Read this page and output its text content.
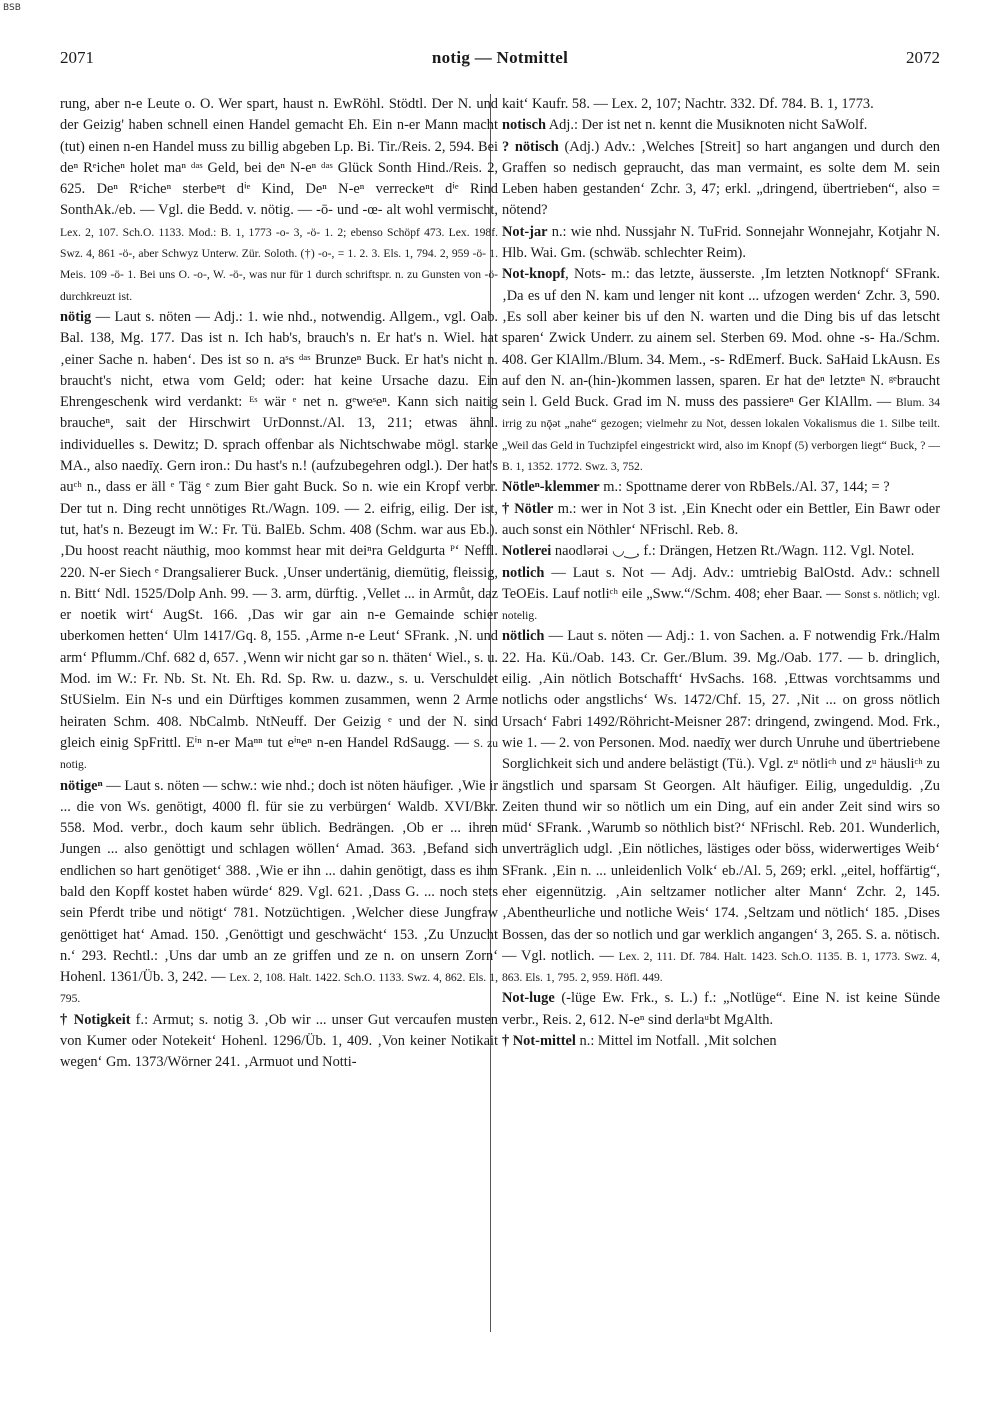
BSB
2071	notig — Notmittel	2072

rung, aber n-e Leute o. O. Wer spart, haust n. EwRöhl. Stödtl. Der N. und der Geizig' haben schnell einen Handel gemacht Eh. Ein n-er Mann macht (tut) einen n-en Handel muss zu billig abgeben Lp. Bi. Tir./Reis. 2, 594. Bei deⁿ Rᵉicheⁿ holet maⁿ ᵈᵃˢ Geld, bei deⁿ N-eⁿ ᵈᵃˢ Glück Sonth Hind./Reis. 2, 625. Deⁿ Rᵉicheⁿ sterbeⁿt dⁱᵉ Kind, Deⁿ N-eⁿ verreckeⁿt dⁱᵉ Rind SonthAk./eb. — Vgl. die Bedd. v. nötig. — -ō- und -œ- alt wohl vermischt, Lex. 2, 107. Sch.O. 1133. Mod.: B. 1, 1773 -o- 3, -ö- 1. 2; ebenso Schöpf 473. Lex. 198f. Swz. 4, 861 -ö-, aber Schwyz Unterw. Zür. Soloth. (†) -o-, = 1. 2. 3. Els. 1, 794. 2, 959 -ö- 1. Meis. 109 -ö- 1. Bei uns O. -o-, W. -ö-, was nur für 1 durch schriftspr. n. zu Gunsten von -ö- durchkreuzt ist.

nötig — Laut s. nöten — Adj.: 1. wie nhd., notwendig. Allgem., vgl. Oab. Bal. 138, Mg. 177. Das ist n. Ich hab's, brauch's n. Er hat's n. Wiel. hat ‚einer Sache n. haben‘. Des ist so n. aˢs ᵈᵃˢ Brunzeⁿ Buck. Er hat's nicht n. braucht's nicht, etwa vom Geld; oder: hat keine Ursache dazu. Ein Ehrengeschenk wird verdankt: ᴱˢ wär ᵉ net n. gᵉweˢeⁿ. Kann sich naitig braucheⁿ, sait der Hirschwirt UrDonnst./Al. 13, 211; etwas ähnl. individuelles s. Dewitz; D. sprach offenbar als Nichtschwabe mögl. starke MA., also naedīχ. Gern iron.: Du hast's n.! (aufzubegehren odgl.). Der hat's auᶜʰ n., dass er äll ᵉ Täg ᵉ zum Bier gaht Buck. So n. wie ein Kropf verbr. Der tut n. Ding recht unnötiges Rt./Wagn. 109. — 2. eifrig, eilig. Der ist, tut, hat's n. Bezeugt im W.: Fr. Tü. BalEb. Schm. 408 (Schm. war aus Eb.). ‚Du hoost reacht näuthig, moo kommst hear mit deiⁿra Geldgurta ᴾ‘ Neffl. 220. N-er Siech ᵉ Drangsalierer Buck. ‚Unser undertänig, diemütig, fleissig, n. Bitt‘ Ndl. 1525/Dolp Anh. 99. — 3. arm, dürftig. ‚Vellet ... in Armůt, daz er noetik wirt‘ AugSt. 166. ‚Das wir gar ain n-e Gemainde schier uberkomen hetten‘ Ulm 1417/Gq. 8, 155. ‚Arme n-e Leut‘ SFrank. ‚N. und arm‘ Pflumm./Chf. 682 d, 657. ‚Wenn wir nicht gar so n. thäten‘ Wiel., s. u. Mod. im W.: Fr. Nb. St. Nt. Eh. Rd. Sp. Rw. u. dazw., s. u. Verschuldet StUSielm. Ein N-s und ein Dürftiges kommen zusammen, wenn 2 Arme heiraten Schm. 408. NbCalmb. NtNeuff. Der Geizig ᵉ und der N. sind gleich einig SpFrittl. Eⁱⁿ n-er Maⁿⁿ tut eⁱⁿeⁿ n-en Handel RdSaugg. — S. zu notig.

nötigeⁿ — Laut s. nöten — schw.: wie nhd.; doch ist nöten häufiger. ‚Wie ir ... die von Ws. genötigt, 4000 fl. für sie zu verbürgen‘ Waldb. XVI/Bkr. 558. Mod. verbr., doch kaum sehr üblich. Bedrängen. ‚Ob er ... ihren Jungen ... also genöttigt und schlagen wöllen‘ Amad. 363. ‚Befand sich endlichen so hart genötiget‘ 388. ‚Wie er ihn ... dahin genötigt, dass es ihm bald den Kopff kostet haben würde‘ 829. Vgl. 621. ‚Dass G. ... noch stets sein Pferdt tribe und nötigt‘ 781. Notzüchtigen. ‚Welcher diese Jungfraw genöttiget hat‘ Amad. 150. ‚Genöttigt und geschwächt‘ 153. ‚Zu Unzucht n.‘ 293. Rechtl.: ‚Uns dar umb an ze griffen und ze n. on unsern Zorn‘ Hohenl. 1361/Üb. 3, 242. — Lex. 2, 108. Halt. 1422. Sch.O. 1133. Swz. 4, 862. Els. 1, 795.

† Notigkeit f.: Armut; s. notig 3. ‚Ob wir ... unser Gut vercaufen musten von Kumer oder Notekeit‘ Hohenl. 1296/Üb. 1, 409. ‚Von keiner Notikait wegen‘ Gm. 1373/Wörner 241. ‚Armuot und Notti-

kait‘ Kaufr. 58. — Lex. 2, 107; Nachtr. 332. Df. 784. B. 1, 1773.

notisch Adj.: Der ist net n. kennt die Musiknoten nicht SaWolf.

? nötisch (Adj.) Adv.: ‚Welches [Streit] so hart angangen und durch den Graffen so nedisch gepraucht, das man vermaint, es solte dem M. sein Leben haben gestanden‘ Zchr. 3, 47; erkl. „dringend, übertrieben“, also = nötend?

Not-jar n.: wie nhd. Nussjahr N. TuFrid. Sonnejahr Wonnejahr, Kotjahr N. Hlb. Wai. Gm. (schwäb. schlechter Reim).

Not-knopf, Nots- m.: das letzte, äusserste. ‚Im letzten Notknopf‘ SFrank. ‚Da es uf den N. kam und lenger nit kont ... ufzogen werden‘ Zchr. 3, 590. ‚Es soll aber keiner bis uf den N. warten und die Ding bis uf das letscht sparen‘ Zwick Underr. zu ainem sel. Sterben 69. Mod. ohne -s- Ha./Schm. 408. Ger KlAllm./Blum. 34. Mem., -s- RdEmerf. Buck. SaHaid LkAusn. Es auf den N. an-(hin-)kommen lassen, sparen. Er hat deⁿ letzteⁿ N. ᵍᵉbraucht sein l. Geld Buck. Grad im N. muss des passiereⁿ Ger KlAllm. — Blum. 34 irrig zu nǭət „nahe“ gezogen; vielmehr zu Not, dessen lokalen Vokalismus die 1. Silbe teilt. „Weil das Geld in Tuchzipfel eingestrickt wird, also im Knopf (5) verborgen liegt“ Buck, ? — B. 1, 1352. 1772. Swz. 3, 752.

Nötleⁿ-klemmer m.: Spottname derer von RbBels./Al. 37, 144; = ?

† Nötler m.: wer in Not 3 ist. ‚Ein Knecht oder ein Bettler, Ein Bawr oder auch sonst ein Nöthler‘ NFrischl. Reb. 8.

Notlerei naodlərəi ◡‿, f.: Drängen, Hetzen Rt./Wagn. 112. Vgl. Notel.

notlich — Laut s. Not — Adj. Adv.: umtriebig BalOstd. Adv.: schnell TeOEis. Lauf notliᶜʰ eile „Sww.“/Schm. 408; eher Baar. — Sonst s. nötlich; vgl. notelig.

nötlich — Laut s. nöten — Adj.: 1. von Sachen. a. F notwendig Frk./Halm 22. Ha. Kü./Oab. 143. Cr. Ger./Blum. 39. Mg./Oab. 177. — b. dringlich, eilig. ‚Ain nötlich Botschafft‘ HvSachs. 168. ‚Ettwas vorchtsamms und notlichs oder angstlichs‘ Ws. 1472/Chf. 15, 27. ‚Nit ... on gross nötlich Ursach‘ Fabri 1492/Röhricht-Meisner 287: dringend, zwingend. Mod. Frk., wie 1. — 2. von Personen. Mod. naedīχ wer durch Unruhe und übertriebene Sorglichkeit sich und andere belästigt (Tü.). Vgl. zᵘ nötliᶜʰ und zᵘ häusliᶜʰ zu ängstlich und sparsam St Georgen. Alt häufiger. Eilig, ungeduldig. ‚Zu Zeiten thund wir so nötlich um ein Ding, auf ein ander Zeit sind wirs so müd‘ SFrank. ‚Warumb so nöthlich bist?‘ NFrischl. Reb. 201. Wunderlich, unverträglich udgl. ‚Ein nötliches, lästiges oder böss, widerwertiges Weib‘ SFrank. ‚Ein n. ... unleidenlich Volk‘ eb./Al. 5, 269; erkl. „eitel, hoffärtig“, eher eigennützig. ‚Ain seltzamer notlicher alter Mann‘ Zchr. 2, 145. ‚Abentheurliche und notliche Weis‘ 174. ‚Seltzam und nötlich‘ 185. ‚Dises Bossen, das der so notlich und gar werklich angangen‘ 3, 265. S. a. nötisch. — Vgl. notlich. — Lex. 2, 111. Df. 784. Halt. 1423. Sch.O. 1135. B. 1, 1773. Swz. 4, 863. Els. 1, 795. 2, 959. Höfl. 449.

Not-luge (-lüge Ew. Frk., s. L.) f.: „Notlüge“. Eine N. ist keine Sünde verbr., Reis. 2, 612. N-eⁿ sind derlaᵘbt MgAlth.

† Not-mittel n.: Mittel im Notfall. ‚Mit solchen
